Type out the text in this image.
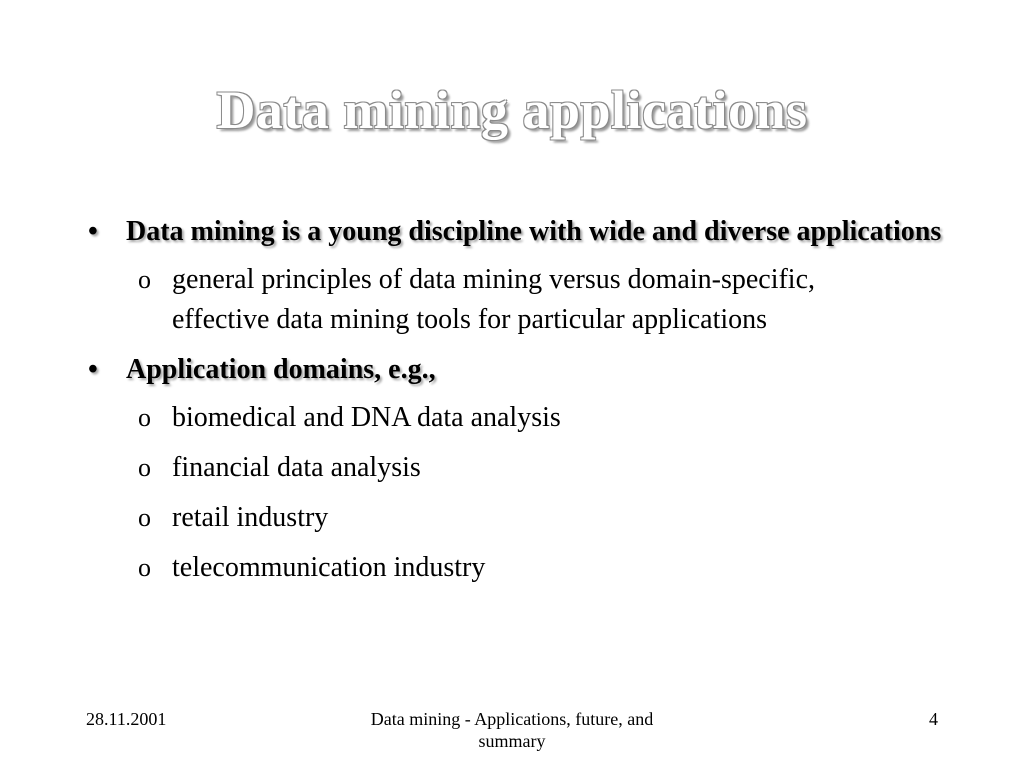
Data mining applications
•	Data mining is a young discipline with wide and diverse applications
o general principles of data mining versus domain-specific, effective data mining tools for particular applications
•	Application domains, e.g.,
o biomedical and DNA data analysis
o financial data analysis
o retail industry
o telecommunication industry
28.11.2001	Data mining - Applications, future, and summary
4
